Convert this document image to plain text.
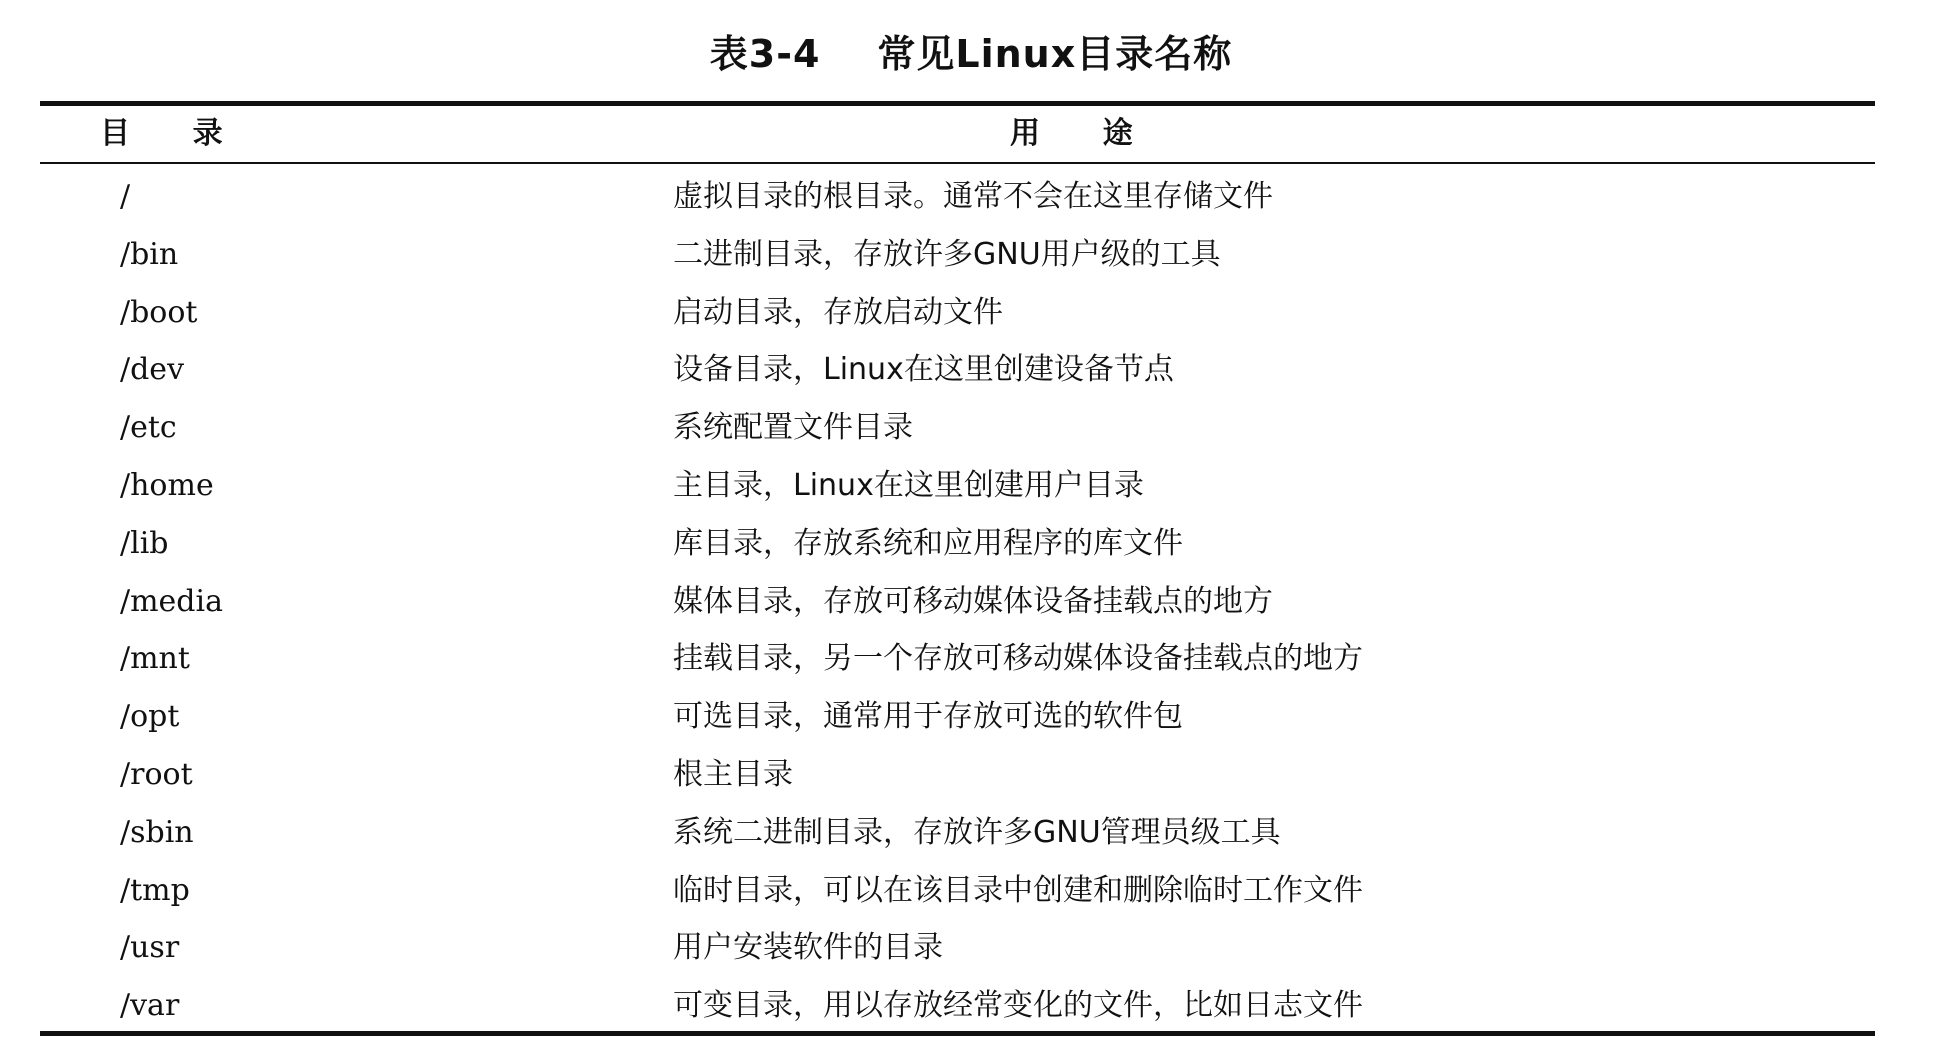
表3-4    常见Linux目录名称
目      录	用      途
/	虚拟目录的根目录。通常不会在这里存储文件
/bin	二进制目录，存放许多GNU用户级的工具
/boot	启动目录，存放启动文件
/dev	设备目录，Linux在这里创建设备节点
/etc	系统配置文件目录
/home	主目录，Linux在这里创建用户目录
/lib	库目录，存放系统和应用程序的库文件
/media	媒体目录，存放可移动媒体设备挂载点的地方
/mnt	挂载目录，另一个存放可移动媒体设备挂载点的地方
/opt	可选目录，通常用于存放可选的软件包
/root	根主目录
/sbin	系统二进制目录，存放许多GNU管理员级工具
/tmp	临时目录，可以在该目录中创建和删除临时工作文件
/usr	用户安装软件的目录
/var	可变目录，用以存放经常变化的文件，比如日志文件
